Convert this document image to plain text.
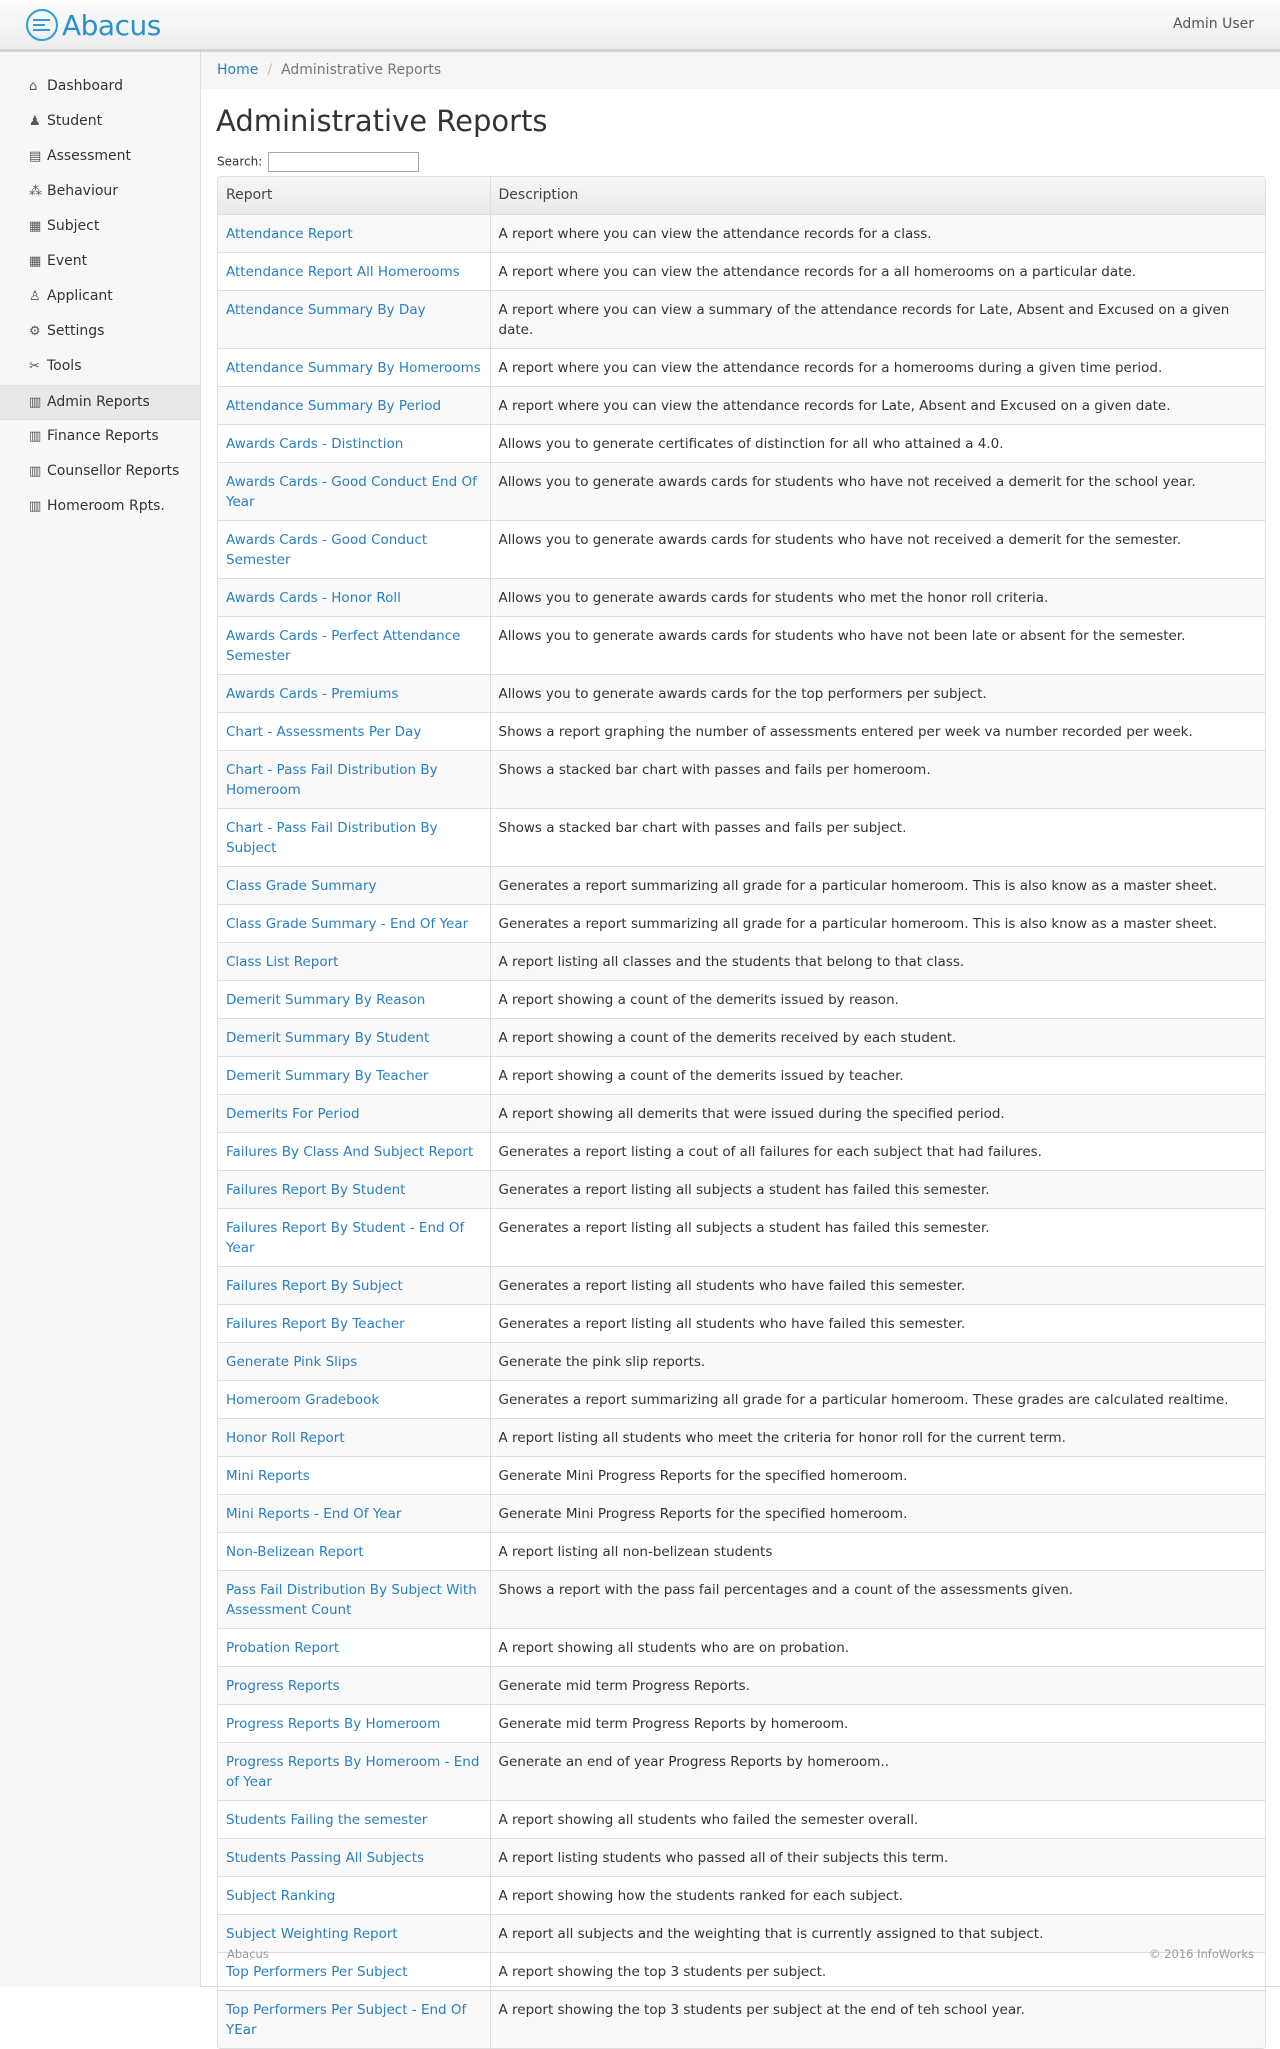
Abacus	Admin User
⌂ Dashboard
♟ Student
▤ Assessment
⁂ Behaviour
▦ Subject
▦ Event
♙ Applicant
⚙ Settings
✂ Tools
▥ Admin Reports
▥ Finance Reports
▥ Counsellor Reports
▥ Homeroom Rpts.
Home / Administrative Reports
Administrative Reports
Search:
Report	Description
Attendance Report	A report where you can view the attendance records for a class.
Attendance Report All Homerooms	A report where you can view the attendance records for a all homerooms on a particular date.
Attendance Summary By Day	A report where you can view a summary of the attendance records for Late, Absent and Excused on a given date.
Attendance Summary By Homerooms	A report where you can view the attendance records for a homerooms during a given time period.
Attendance Summary By Period	A report where you can view the attendance records for Late, Absent and Excused on a given date.
Awards Cards - Distinction	Allows you to generate certificates of distinction for all who attained a 4.0.
Awards Cards - Good Conduct End Of Year	Allows you to generate awards cards for students who have not received a demerit for the school year.
Awards Cards - Good Conduct Semester	Allows you to generate awards cards for students who have not received a demerit for the semester.
Awards Cards - Honor Roll	Allows you to generate awards cards for students who met the honor roll criteria.
Awards Cards - Perfect Attendance Semester	Allows you to generate awards cards for students who have not been late or absent for the semester.
Awards Cards - Premiums	Allows you to generate awards cards for the top performers per subject.
Chart - Assessments Per Day	Shows a report graphing the number of assessments entered per week va number recorded per week.
Chart - Pass Fail Distribution By Homeroom	Shows a stacked bar chart with passes and fails per homeroom.
Chart - Pass Fail Distribution By Subject	Shows a stacked bar chart with passes and fails per subject.
Class Grade Summary	Generates a report summarizing all grade for a particular homeroom. This is also know as a master sheet.
Class Grade Summary - End Of Year	Generates a report summarizing all grade for a particular homeroom. This is also know as a master sheet.
Class List Report	A report listing all classes and the students that belong to that class.
Demerit Summary By Reason	A report showing a count of the demerits issued by reason.
Demerit Summary By Student	A report showing a count of the demerits received by each student.
Demerit Summary By Teacher	A report showing a count of the demerits issued by teacher.
Demerits For Period	A report showing all demerits that were issued during the specified period.
Failures By Class And Subject Report	Generates a report listing a cout of all failures for each subject that had failures.
Failures Report By Student	Generates a report listing all subjects a student has failed this semester.
Failures Report By Student - End Of Year	Generates a report listing all subjects a student has failed this semester.
Failures Report By Subject	Generates a report listing all students who have failed this semester.
Failures Report By Teacher	Generates a report listing all students who have failed this semester.
Generate Pink Slips	Generate the pink slip reports.
Homeroom Gradebook	Generates a report summarizing all grade for a particular homeroom. These grades are calculated realtime.
Honor Roll Report	A report listing all students who meet the criteria for honor roll for the current term.
Mini Reports	Generate Mini Progress Reports for the specified homeroom.
Mini Reports - End Of Year	Generate Mini Progress Reports for the specified homeroom.
Non-Belizean Report	A report listing all non-belizean students
Pass Fail Distribution By Subject With Assessment Count	Shows a report with the pass fail percentages and a count of the assessments given.
Probation Report	A report showing all students who are on probation.
Progress Reports	Generate mid term Progress Reports.
Progress Reports By Homeroom	Generate mid term Progress Reports by homeroom.
Progress Reports By Homeroom - End of Year	Generate an end of year Progress Reports by homeroom..
Students Failing the semester	A report showing all students who failed the semester overall.
Students Passing All Subjects	A report listing students who passed all of their subjects this term.
Subject Ranking	A report showing how the students ranked for each subject.
Subject Weighting Report	A report all subjects and the weighting that is currently assigned to that subject.
Top Performers Per Subject	A report showing the top 3 students per subject.
Top Performers Per Subject - End Of YEar	A report showing the top 3 students per subject at the end of teh school year.
Abacus	© 2016 InfoWorks
